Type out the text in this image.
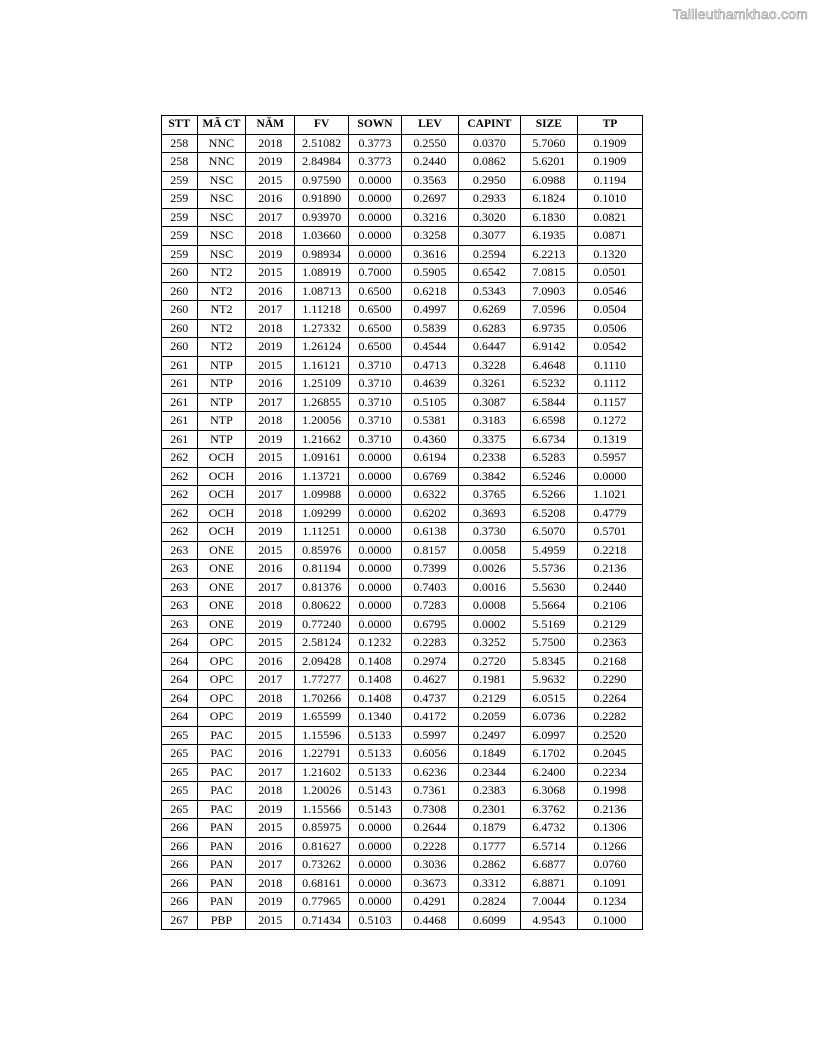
Tailieuthamkhao.com
STT	MÃ CT	NĂM	FV	SOWN	LEV	CAPINT	SIZE	TP
258	NNC	2018	2.51082	0.3773	0.2550	0.0370	5.7060	0.1909
258	NNC	2019	2.84984	0.3773	0.2440	0.0862	5.6201	0.1909
259	NSC	2015	0.97590	0.0000	0.3563	0.2950	6.0988	0.1194
259	NSC	2016	0.91890	0.0000	0.2697	0.2933	6.1824	0.1010
259	NSC	2017	0.93970	0.0000	0.3216	0.3020	6.1830	0.0821
259	NSC	2018	1.03660	0.0000	0.3258	0.3077	6.1935	0.0871
259	NSC	2019	0.98934	0.0000	0.3616	0.2594	6.2213	0.1320
260	NT2	2015	1.08919	0.7000	0.5905	0.6542	7.0815	0.0501
260	NT2	2016	1.08713	0.6500	0.6218	0.5343	7.0903	0.0546
260	NT2	2017	1.11218	0.6500	0.4997	0.6269	7.0596	0.0504
260	NT2	2018	1.27332	0.6500	0.5839	0.6283	6.9735	0.0506
260	NT2	2019	1.26124	0.6500	0.4544	0.6447	6.9142	0.0542
261	NTP	2015	1.16121	0.3710	0.4713	0.3228	6.4648	0.1110
261	NTP	2016	1.25109	0.3710	0.4639	0.3261	6.5232	0.1112
261	NTP	2017	1.26855	0.3710	0.5105	0.3087	6.5844	0.1157
261	NTP	2018	1.20056	0.3710	0.5381	0.3183	6.6598	0.1272
261	NTP	2019	1.21662	0.3710	0.4360	0.3375	6.6734	0.1319
262	OCH	2015	1.09161	0.0000	0.6194	0.2338	6.5283	0.5957
262	OCH	2016	1.13721	0.0000	0.6769	0.3842	6.5246	0.0000
262	OCH	2017	1.09988	0.0000	0.6322	0.3765	6.5266	1.1021
262	OCH	2018	1.09299	0.0000	0.6202	0.3693	6.5208	0.4779
262	OCH	2019	1.11251	0.0000	0.6138	0.3730	6.5070	0.5701
263	ONE	2015	0.85976	0.0000	0.8157	0.0058	5.4959	0.2218
263	ONE	2016	0.81194	0.0000	0.7399	0.0026	5.5736	0.2136
263	ONE	2017	0.81376	0.0000	0.7403	0.0016	5.5630	0.2440
263	ONE	2018	0.80622	0.0000	0.7283	0.0008	5.5664	0.2106
263	ONE	2019	0.77240	0.0000	0.6795	0.0002	5.5169	0.2129
264	OPC	2015	2.58124	0.1232	0.2283	0.3252	5.7500	0.2363
264	OPC	2016	2.09428	0.1408	0.2974	0.2720	5.8345	0.2168
264	OPC	2017	1.77277	0.1408	0.4627	0.1981	5.9632	0.2290
264	OPC	2018	1.70266	0.1408	0.4737	0.2129	6.0515	0.2264
264	OPC	2019	1.65599	0.1340	0.4172	0.2059	6.0736	0.2282
265	PAC	2015	1.15596	0.5133	0.5997	0.2497	6.0997	0.2520
265	PAC	2016	1.22791	0.5133	0.6056	0.1849	6.1702	0.2045
265	PAC	2017	1.21602	0.5133	0.6236	0.2344	6.2400	0.2234
265	PAC	2018	1.20026	0.5143	0.7361	0.2383	6.3068	0.1998
265	PAC	2019	1.15566	0.5143	0.7308	0.2301	6.3762	0.2136
266	PAN	2015	0.85975	0.0000	0.2644	0.1879	6.4732	0.1306
266	PAN	2016	0.81627	0.0000	0.2228	0.1777	6.5714	0.1266
266	PAN	2017	0.73262	0.0000	0.3036	0.2862	6.6877	0.0760
266	PAN	2018	0.68161	0.0000	0.3673	0.3312	6.8871	0.1091
266	PAN	2019	0.77965	0.0000	0.4291	0.2824	7.0044	0.1234
267	PBP	2015	0.71434	0.5103	0.4468	0.6099	4.9543	0.1000
